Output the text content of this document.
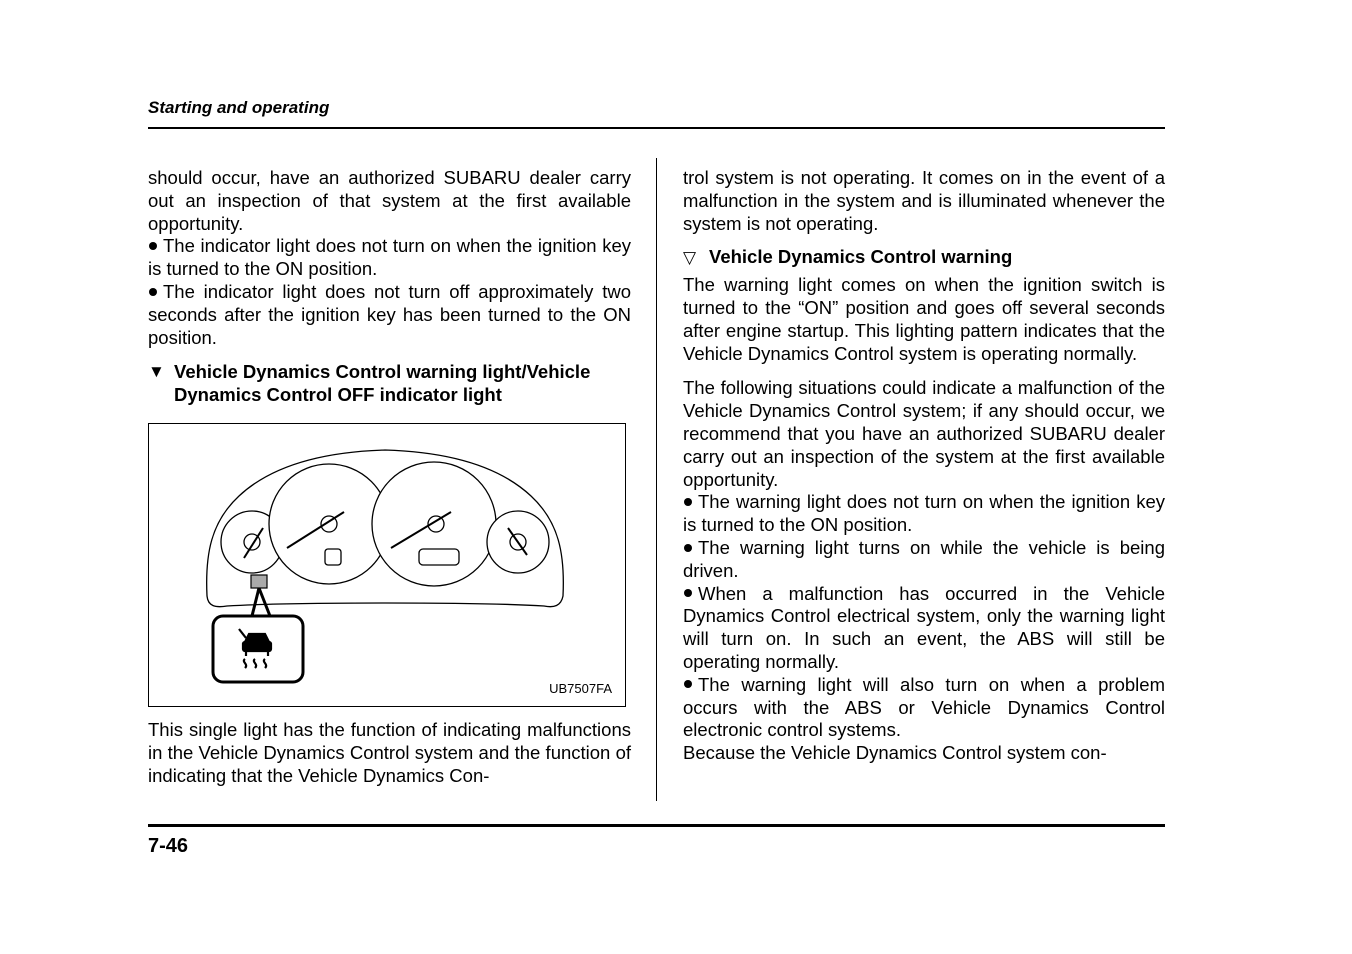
Starting and operating

should occur, have an authorized SUBARU dealer carry out an inspection of that system at the first available opportunity.

The indicator light does not turn on when the ignition key is turned to the ON position.

The indicator light does not turn off approximately two seconds after the ignition key has been turned to the ON position.

▼
Vehicle Dynamics Control warning light/Vehicle Dynamics Control OFF indicator light
UB7507FA

This single light has the function of indicating malfunctions in the Vehicle Dynamics Control system and the function of indicating that the Vehicle Dynamics Con-

trol system is not operating. It comes on in the event of a malfunction in the system and is illuminated whenever the system is not operating.

▽Vehicle Dynamics Control warning

The warning light comes on when the ignition switch is turned to the “ON” position and goes off several seconds after engine startup. This lighting pattern indicates that the Vehicle Dynamics Control system is operating normally.

The following situations could indicate a malfunction of the Vehicle Dynamics Control system; if any should occur, we recommend that you have an authorized SUBARU dealer carry out an inspection of the system at the first available opportunity.

The warning light does not turn on when the ignition key is turned to the ON position.

The warning light turns on while the vehicle is being driven.

When a malfunction has occurred in the Vehicle Dynamics Control electrical system, only the warning light will turn on. In such an event, the ABS will still be operating normally.

The warning light will also turn on when a problem occurs with the ABS or Vehicle Dynamics Control electronic control systems.

Because the Vehicle Dynamics Control system con-

7-46
